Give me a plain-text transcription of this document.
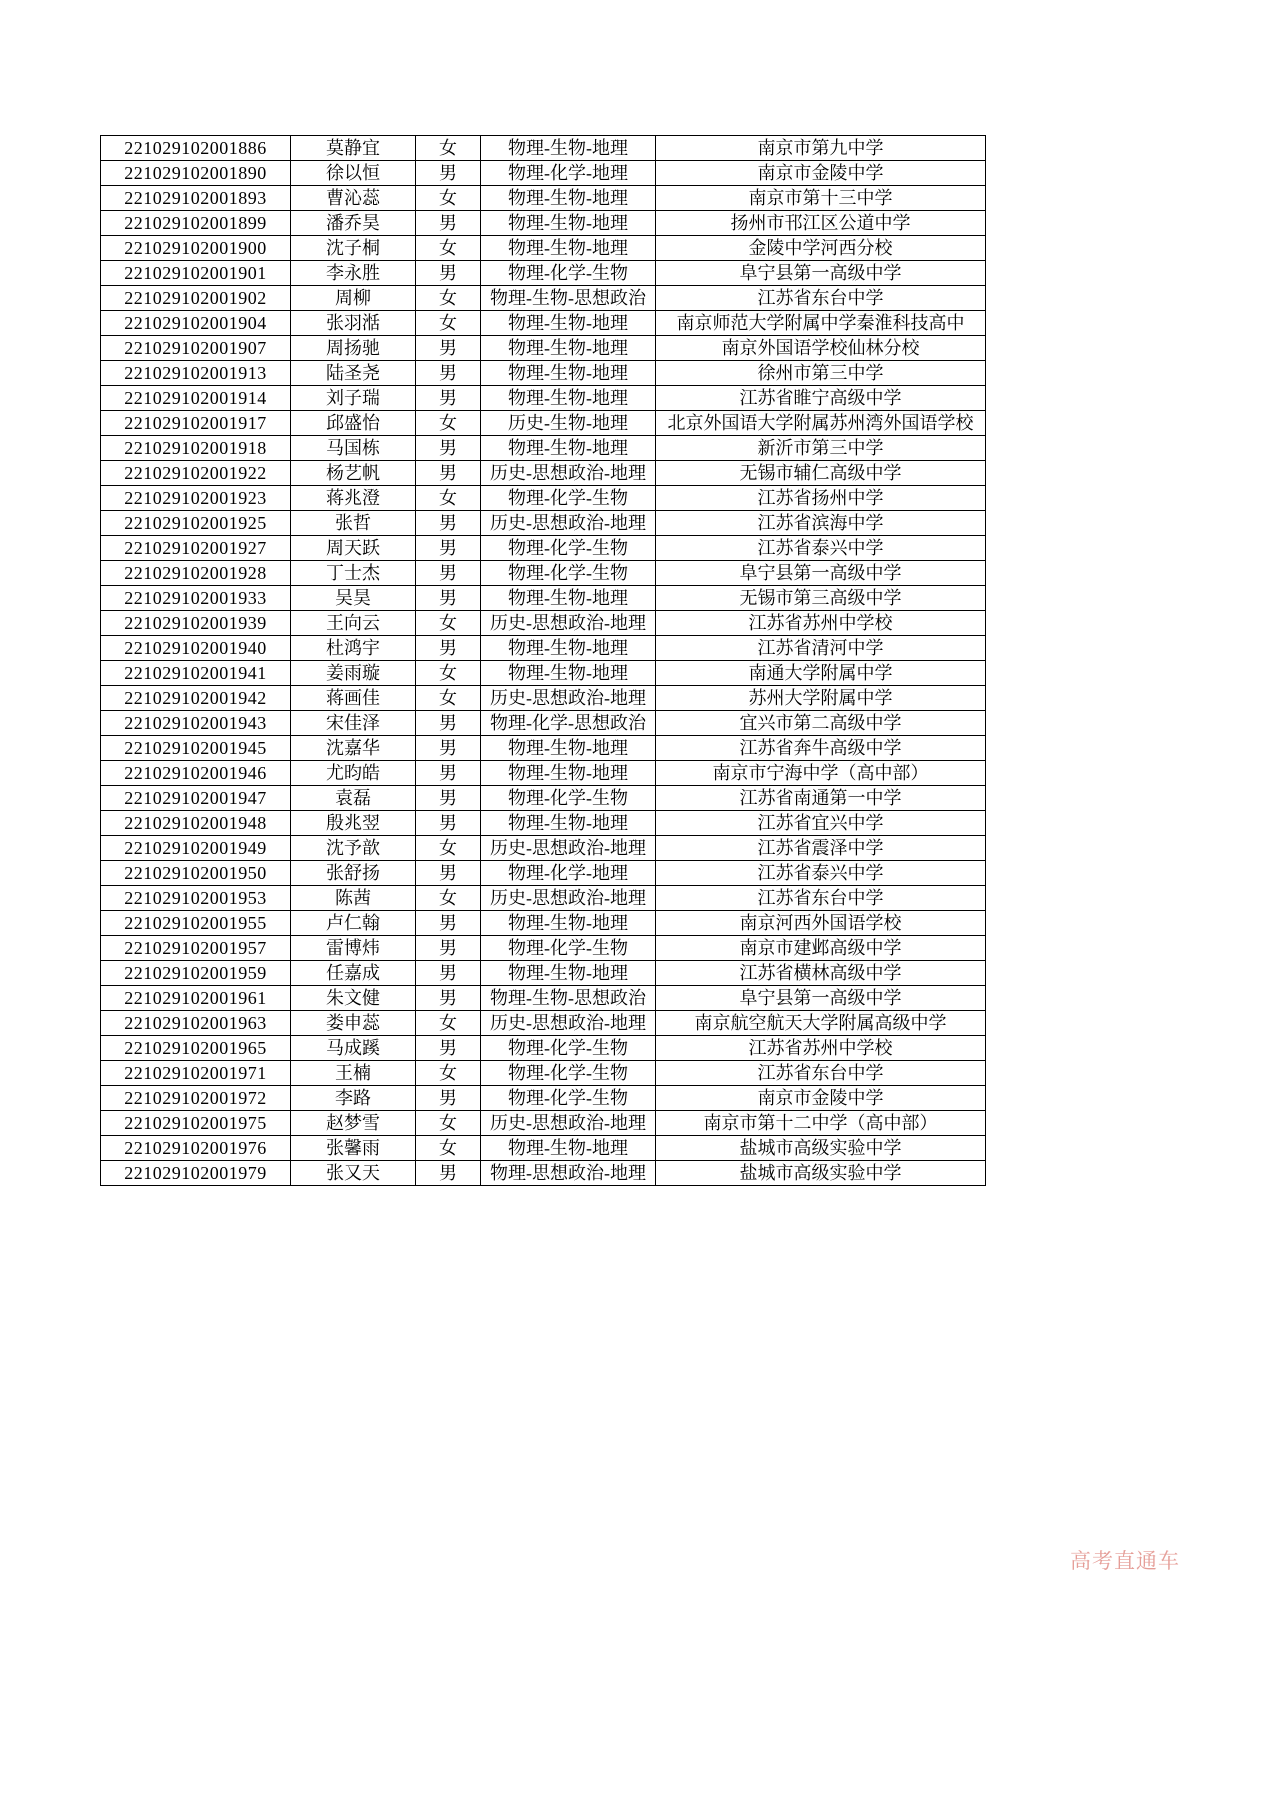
221029102001886	莫静宜	女	物理-生物-地理	南京市第九中学
221029102001890	徐以恒	男	物理-化学-地理	南京市金陵中学
221029102001893	曹沁蕊	女	物理-生物-地理	南京市第十三中学
221029102001899	潘乔昊	男	物理-生物-地理	扬州市邗江区公道中学
221029102001900	沈子桐	女	物理-生物-地理	金陵中学河西分校
221029102001901	李永胜	男	物理-化学-生物	阜宁县第一高级中学
221029102001902	周柳	女	物理-生物-思想政治	江苏省东台中学
221029102001904	张羽湉	女	物理-生物-地理	南京师范大学附属中学秦淮科技高中
221029102001907	周扬驰	男	物理-生物-地理	南京外国语学校仙林分校
221029102001913	陆圣尧	男	物理-生物-地理	徐州市第三中学
221029102001914	刘子瑞	男	物理-生物-地理	江苏省睢宁高级中学
221029102001917	邱盛怡	女	历史-生物-地理	北京外国语大学附属苏州湾外国语学校
221029102001918	马国栋	男	物理-生物-地理	新沂市第三中学
221029102001922	杨艺帆	男	历史-思想政治-地理	无锡市辅仁高级中学
221029102001923	蒋兆澄	女	物理-化学-生物	江苏省扬州中学
221029102001925	张哲	男	历史-思想政治-地理	江苏省滨海中学
221029102001927	周天跃	男	物理-化学-生物	江苏省泰兴中学
221029102001928	丁士杰	男	物理-化学-生物	阜宁县第一高级中学
221029102001933	吴昊	男	物理-生物-地理	无锡市第三高级中学
221029102001939	王向云	女	历史-思想政治-地理	江苏省苏州中学校
221029102001940	杜鸿宇	男	物理-生物-地理	江苏省清河中学
221029102001941	姜雨璇	女	物理-生物-地理	南通大学附属中学
221029102001942	蒋画佳	女	历史-思想政治-地理	苏州大学附属中学
221029102001943	宋佳泽	男	物理-化学-思想政治	宜兴市第二高级中学
221029102001945	沈嘉华	男	物理-生物-地理	江苏省奔牛高级中学
221029102001946	尤昀皓	男	物理-生物-地理	南京市宁海中学（高中部）
221029102001947	袁磊	男	物理-化学-生物	江苏省南通第一中学
221029102001948	殷兆翌	男	物理-生物-地理	江苏省宜兴中学
221029102001949	沈予歆	女	历史-思想政治-地理	江苏省震泽中学
221029102001950	张舒扬	男	物理-化学-地理	江苏省泰兴中学
221029102001953	陈茜	女	历史-思想政治-地理	江苏省东台中学
221029102001955	卢仁翰	男	物理-生物-地理	南京河西外国语学校
221029102001957	雷博炜	男	物理-化学-生物	南京市建邺高级中学
221029102001959	任嘉成	男	物理-生物-地理	江苏省横林高级中学
221029102001961	朱文健	男	物理-生物-思想政治	阜宁县第一高级中学
221029102001963	娄申蕊	女	历史-思想政治-地理	南京航空航天大学附属高级中学
221029102001965	马成蹊	男	物理-化学-生物	江苏省苏州中学校
221029102001971	王楠	女	物理-化学-生物	江苏省东台中学
221029102001972	李路	男	物理-化学-生物	南京市金陵中学
221029102001975	赵梦雪	女	历史-思想政治-地理	南京市第十二中学（高中部）
221029102001976	张馨雨	女	物理-生物-地理	盐城市高级实验中学
221029102001979	张又天	男	物理-思想政治-地理	盐城市高级实验中学
高考直通车
